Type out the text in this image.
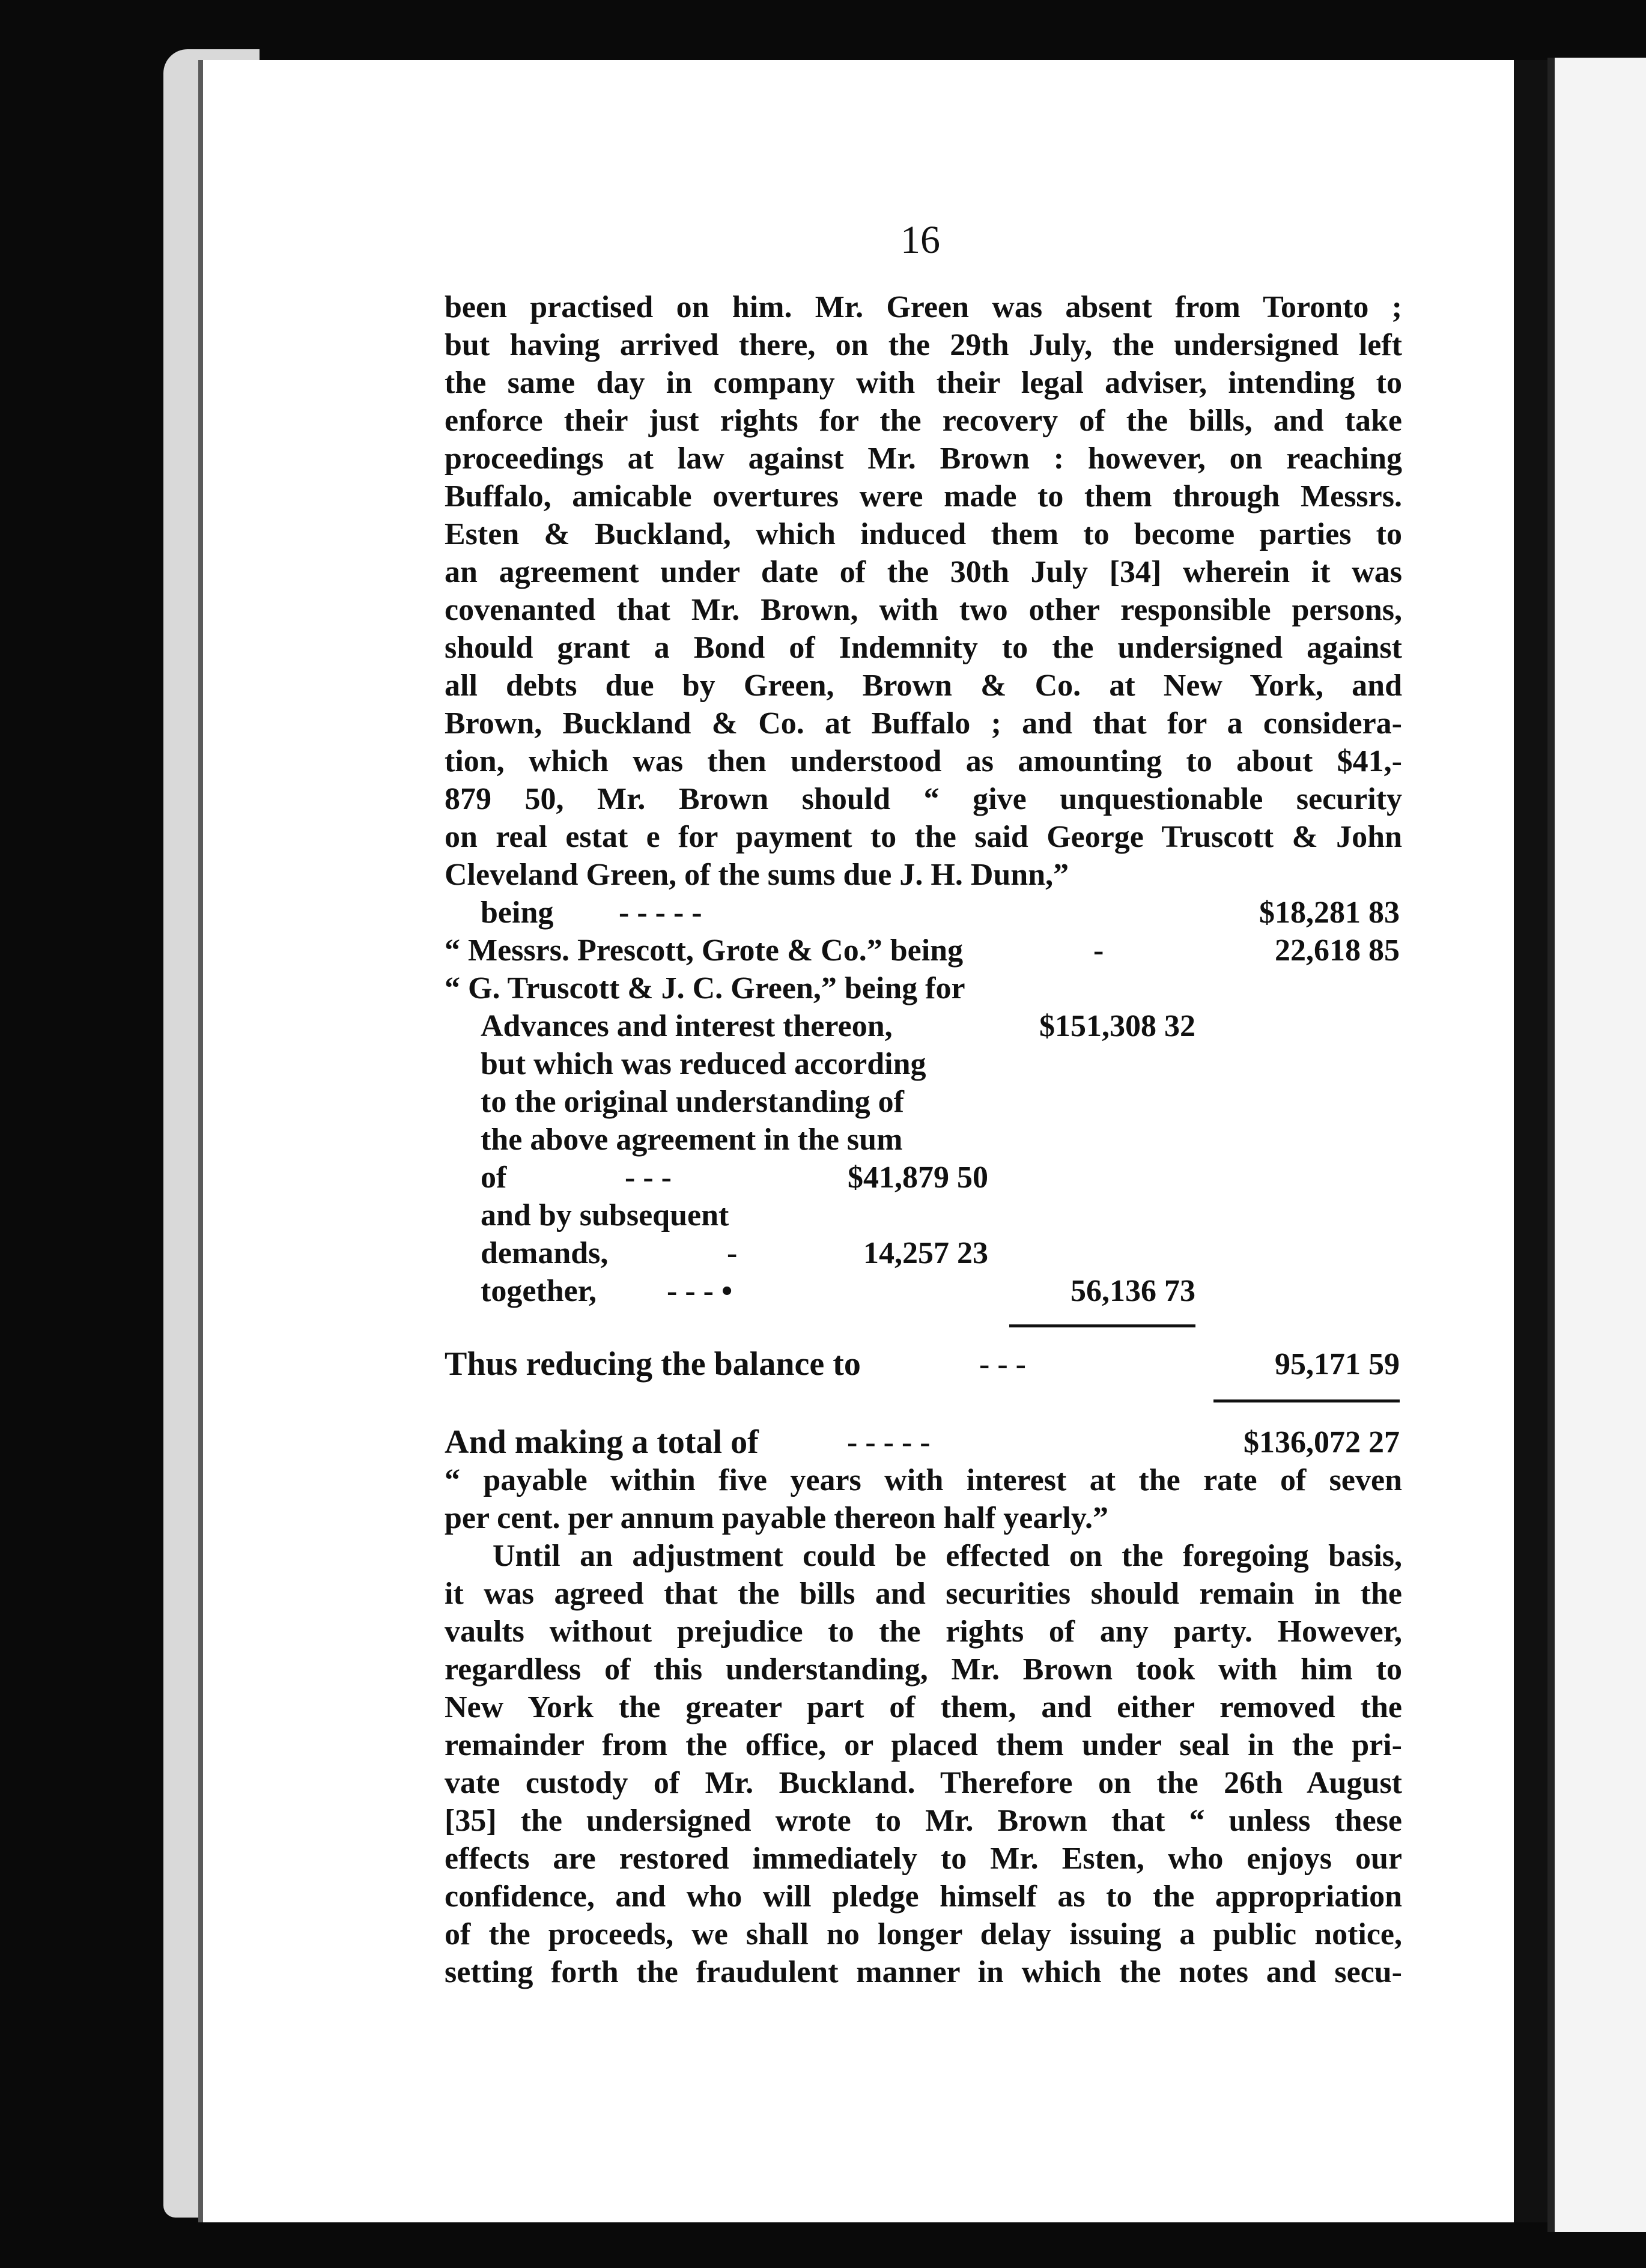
16
been practised on him. Mr. Green was absent from Toronto ;
but having arrived there, on the 29th July, the undersigned left
the same day in company with their legal adviser, intending to
enforce their just rights for the recovery of the bills, and take
proceedings at law against Mr. Brown : however, on reaching
Buffalo, amicable overtures were made to them through Messrs.
Esten & Buckland, which induced them to become parties to
an agreement under date of the 30th July [34] wherein it was
covenanted that Mr. Brown, with two other responsible persons,
should grant a Bond of Indemnity to the undersigned against
all debts due by Green, Brown & Co. at New York, and
Brown, Buckland & Co. at Buffalo ; and that for a considera-
tion, which was then understood as amounting to about $41,-
879 50, Mr. Brown should “ give unquestionable security
on real estat e for payment to the said George Truscott & John
Cleveland Green, of the sums due J. H. Dunn,”
being - - - - -	$18,281 83
“ Messrs. Prescott, Grote & Co.” being	-	22,618 85
“ G. Truscott & J. C. Green,” being for
Advances and interest thereon,	$151,308 32
but which was reduced according
to the original understanding of
the above agreement in the sum
of	- - -	$41,879 50
and by subsequent
demands,	-	14,257 23
together, - - - •	56,136 73
Thus reducing the balance to	- - -	95,171 59
And making a total of	- - - - -	$136,072 27
“ payable within five years with interest at the rate of seven
per cent. per annum payable thereon half yearly.”
Until an adjustment could be effected on the foregoing basis,
it was agreed that the bills and securities should remain in the
vaults without prejudice to the rights of any party. However,
regardless of this understanding, Mr. Brown took with him to
New York the greater part of them, and either removed the
remainder from the office, or placed them under seal in the pri-
vate custody of Mr. Buckland. Therefore on the 26th August
[35] the undersigned wrote to Mr. Brown that “ unless these
effects are restored immediately to Mr. Esten, who enjoys our
confidence, and who will pledge himself as to the appropriation
of the proceeds, we shall no longer delay issuing a public notice,
setting forth the fraudulent manner in which the notes and secu-
